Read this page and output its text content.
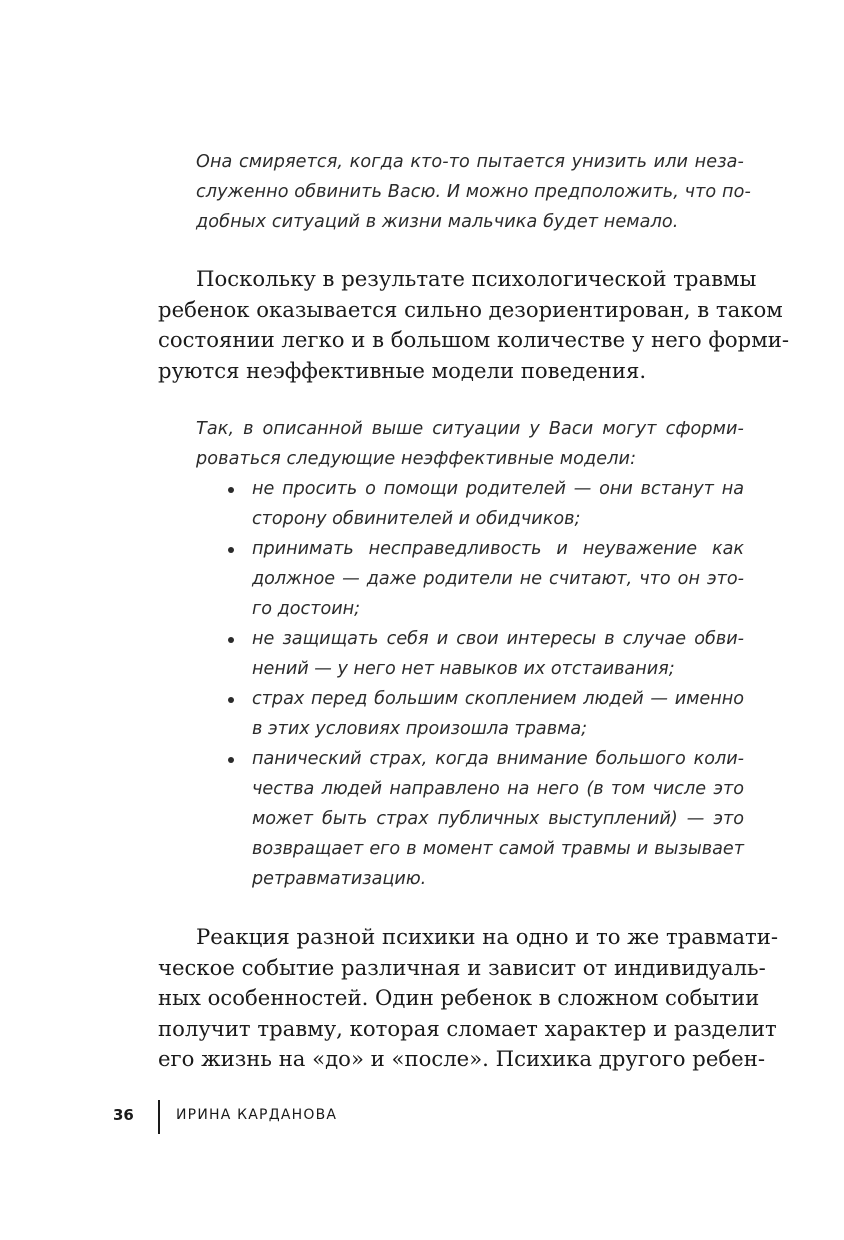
Она смиряется, когда кто-то пытается унизить или неза-
служенно обвинить Васю. И можно предположить, что по-
добных ситуаций в жизни мальчика будет немало.
Поскольку в результате психологической травмы
ребенок оказывается сильно дезориентирован, в таком
состоянии легко и в большом количестве у него форми-
руются неэффективные модели поведения.
Так, в описанной выше ситуации у Васи могут сформи-
роваться следующие неэффективные модели:
не просить о помощи родителей — они встанут на
сторону обвинителей и обидчиков;
принимать несправедливость и неуважение как
должное — даже родители не считают, что он это-
го достоин;
не защищать себя и свои интересы в случае обви-
нений — у него нет навыков их отстаивания;
страх перед большим скоплением людей — именно
в этих условиях произошла травма;
панический страх, когда внимание большого коли-
чества людей направлено на него (в том числе это
может быть страх публичных выступлений) — это
возвращает его в момент самой травмы и вызывает
ретравматизацию.
Реакция разной психики на одно и то же травмати-
ческое событие различная и зависит от индивидуаль-
ных особенностей. Один ребенок в сложном событии
получит травму, которая сломает характер и разделит
его жизнь на «до» и «после». Психика другого ребен-
36	ИРИНА КАРДАНОВА
